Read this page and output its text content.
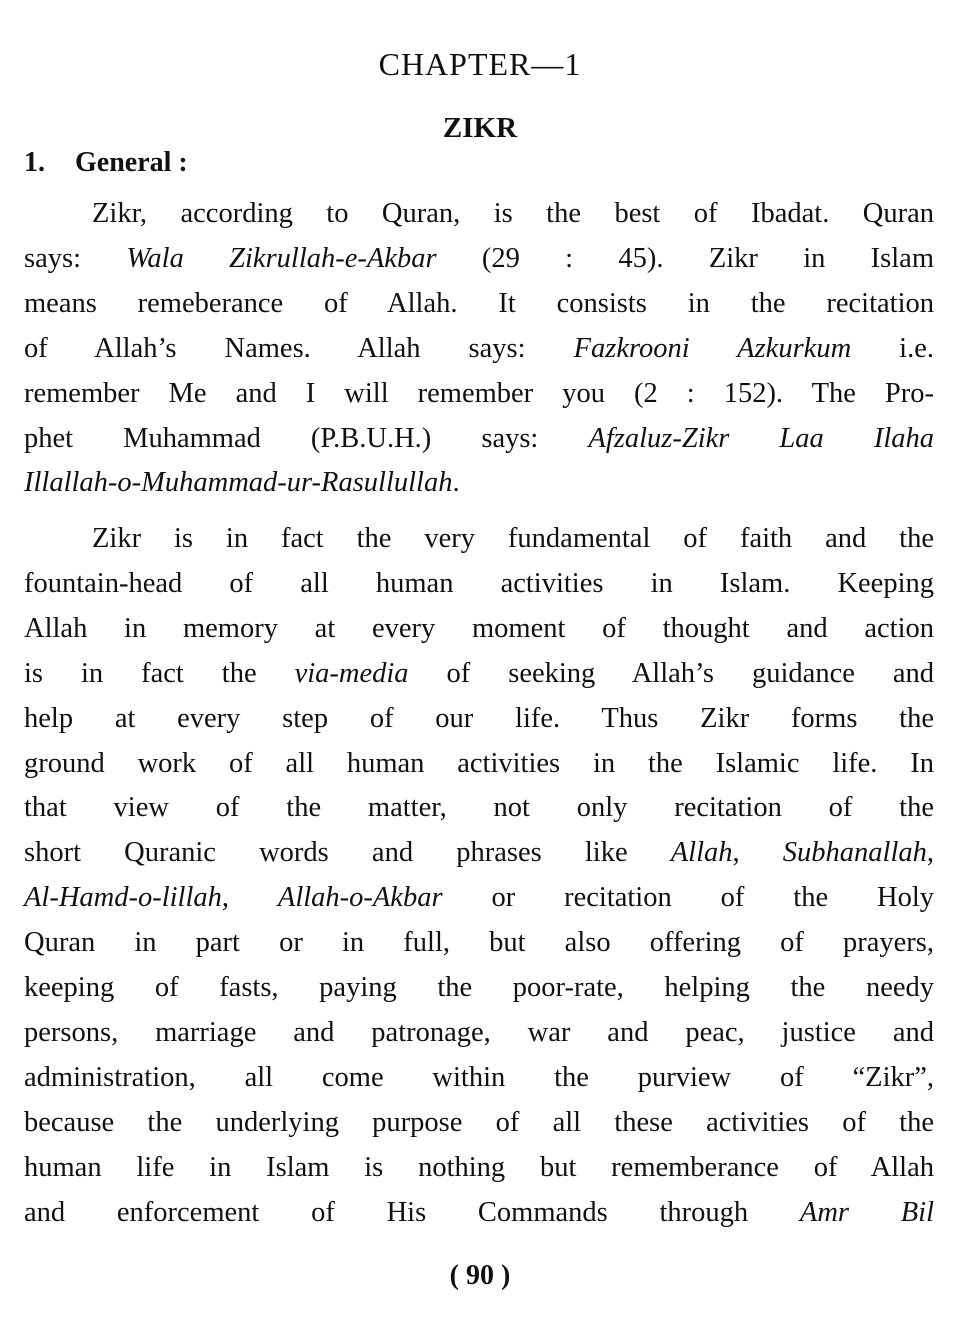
CHAPTER—1
ZIKR
1. General :
Zikr, according to Quran, is the best of Ibadat. Quran
says: Wala Zikrullah-e-Akbar (29 : 45). Zikr in Islam
means remeberance of Allah. It consists in the recitation
of Allah’s Names. Allah says: Fazkrooni Azkurkum i.e.
remember Me and I will remember you (2 : 152). The Pro-
phet Muhammad (P.B.U.H.) says: Afzaluz-Zikr Laa Ilaha
Illallah-o-Muhammad-ur-Rasullullah.
Zikr is in fact the very fundamental of faith and the
fountain-head of all human activities in Islam. Keeping
Allah in memory at every moment of thought and action
is in fact the via-media of seeking Allah’s guidance and
help at every step of our life. Thus Zikr forms the
ground work of all human activities in the Islamic life. In
that view of the matter, not only recitation of the
short Quranic words and phrases like Allah, Subhanallah,
Al-Hamd-o-lillah, Allah-o-Akbar or recitation of the Holy
Quran in part or in full, but also offering of prayers,
keeping of fasts, paying the poor-rate, helping the needy
persons, marriage and patronage, war and peac, justice and
administration, all come within the purview of “Zikr”,
because the underlying purpose of all these activities of the
human life in Islam is nothing but rememberance of Allah
and enforcement of His Commands through Amr Bil
( 90 )
